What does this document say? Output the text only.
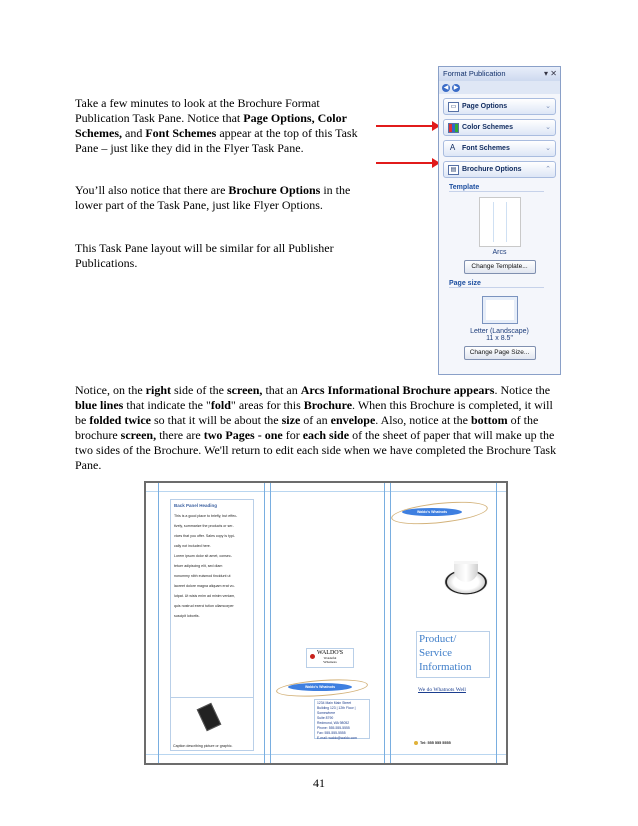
Take a few minutes to look at the Brochure Format Publication Task Pane. Notice that Page Options, Color Schemes, and Font Schemes appear at the top of this Task Pane – just like they did in the Flyer Task Pane.

You’ll also notice that there are Brochure Options in the lower part of the Task Pane, just like Flyer Options.

This Task Pane layout will be similar for all Publisher Publications.

Notice, on the right side of the screen, that an Arcs Informational Brochure appears. Notice the blue lines that indicate the "fold" areas for this Brochure. When this Brochure is completed, it will be folded twice so that it will be about the size of an envelope. Also, notice at the bottom of the brochure screen, there are two Pages - one for each side of the sheet of paper that will make up the two sides of the Brochure. We'll return to edit each side when we have completed the Brochure Task Pane.

Format Publication	▾ ✕
◀ ▶
▭ Page Options	⌄
Color Schemes	⌄
A Font Schemes	⌄
▤ Brochure Options	⌃
Template
Arcs
Change Template...
Page size
Letter (Landscape)
11 x 8.5"
Change Page Size...
Back Panel Heading
This is a good place to briefly, but effec-
tively, summarize the products or ser-
vices that you offer. Sales copy is typi-
cally not included here.
Lorem ipsum dolor sit amet, consec-
tetuer adipiscing elit, sed diam
nonummy nibh euismod tincidunt ut
laoreet dolore magna aliquam erat vo-
lutpat. Ut wisis enim ad minim veniam,
quis nostrud exerci tution ullamcorper
suscipit lobortis.
Caption describing picture or graphic.
WALDO'S
Wonderful
Whatnots
Waldo's Whatnots
Waldo's Whatnots
1234 Main Main Street
Building 123 | 12th Floor | Somewhere
Suite 8790
Redmond, WA 98052
Phone: 555-555-5555
Fax: 555-555-5555
E-mail: waldo@waldo.com
Product/
Service
Information
We do Whatnots Well
Tel: 555 555 5555
41
